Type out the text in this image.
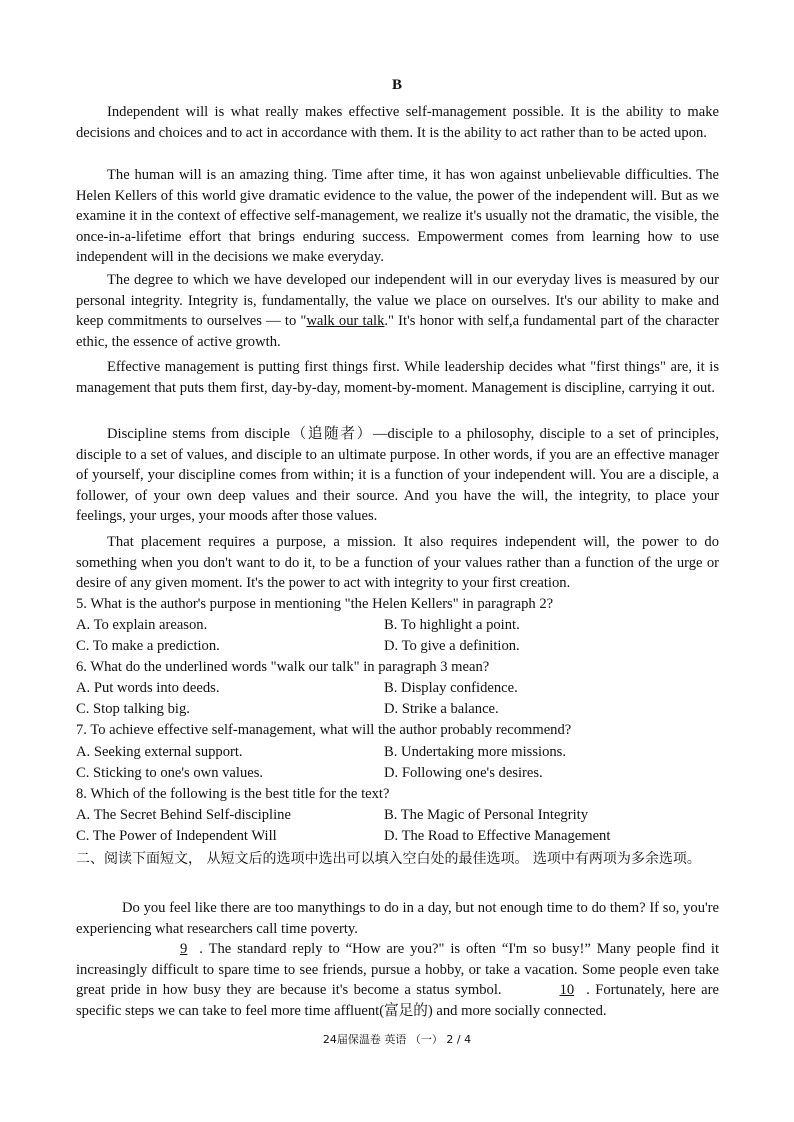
B

Independent will is what really makes effective self-management possible. It is the ability to make decisions and choices and to act in accordance with them. It is the ability to act rather than to be acted upon.

The human will is an amazing thing. Time after time, it has won against unbelievable difficulties. The Helen Kellers of this world give dramatic evidence to the value, the power of the independent will. But as we examine it in the context of effective self-management, we realize it's usually not the dramatic, the visible, the once-in-a-lifetime effort that brings enduring success. Empowerment comes from learning how to use independent will in the decisions we make everyday.

The degree to which we have developed our independent will in our everyday lives is measured by our personal integrity. Integrity is, fundamentally, the value we place on ourselves. It's our ability to make and keep commitments to ourselves — to "walk our talk." It's honor with self,a fundamental part of the character ethic, the essence of active growth.

Effective management is putting first things first. While leadership decides what "first things" are, it is management that puts them first, day-by-day, moment-by-moment. Management is discipline, carrying it out.

Discipline stems from disciple（追随者）—disciple to a philosophy, disciple to a set of principles, disciple to a set of values, and disciple to an ultimate purpose. In other words, if you are an effective manager of yourself, your discipline comes from within; it is a function of your independent will. You are a disciple, a follower, of your own deep values and their source. And you have the will, the integrity, to place your feelings, your urges, your moods after those values.

That placement requires a purpose, a mission. It also requires independent will, the power to do something when you don't want to do it, to be a function of your values rather than a function of the urge or desire of any given moment. It's the power to act with integrity to your first creation.

5. What is the author's purpose in mentioning "the Helen Kellers" in paragraph 2?
A. To explain areason.	B. To highlight a point.
C. To make a prediction.	D. To give a definition.
6. What do the underlined words "walk our talk" in paragraph 3 mean?
A. Put words into deeds.	B. Display confidence.
C. Stop talking big.	D. Strike a balance.
7. To achieve effective self-management, what will the author probably recommend?
A. Seeking external support.	B. Undertaking more missions.
C. Sticking to one's own values.	D. Following one's desires.
8. Which of the following is the best title for the text?
A. The Secret Behind Self-discipline	B. The Magic of Personal Integrity
C. The Power of Independent Will	D. The Road to Effective Management

二、阅读下面短文， 从短文后的选项中选出可以填入空白处的最佳选项。 选项中有两项为多余选项。

Do you feel like there are too manythings to do in a day, but not enough time to do them? If so, you're experiencing what researchers call time poverty.

9 . The standard reply to “How are you?" is often “I'm so busy!” Many people find it increasingly difficult to spare time to see friends, pursue a hobby, or take a vacation. Some people even take great pride in how busy they are because it's become a status symbol.	10 . Fortunately, here are specific steps we can take to feel more time affluent(富足的) and more socially connected.

24届保温卷 英语 （一） 2 / 4
